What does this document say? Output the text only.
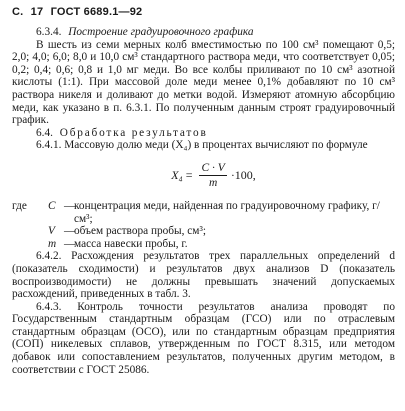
С. 17 ГОСТ 6689.1—92
6.3.4. Построение градуировочного графика

В шесть из семи мерных колб вместимостью по 100 см³ помещают 0,5; 2,0; 4,0; 6,0; 8,0 и 10,0 см³ стандартного раствора меди, что соответствует 0,05; 0,2; 0,4; 0,6; 0,8 и 1,0 мг меди. Во все колбы приливают по 10 см³ азотной кислоты (1:1). При массовой доле меди менее 0,1% добавляют по 10 см³ раствора никеля и доливают до метки водой. Измеряют атомную абсорбцию меди, как указано в п. 6.3.1. По полученным данным строят градуировочный график.

6.4. Обработка результатов

6.4.1. Массовую долю меди (X₄) в процентах вычисляют по формуле

$X_4 = \frac{C \cdot V}{m} \cdot 100$,
где	C —
концентрация меди, найденная по градуировочному графику, г/см³;
V —
объем раствора пробы, см³;
m —
масса навески пробы, г.

6.4.2. Расхождения результатов трех параллельных определений d (показатель сходимости) и результатов двух анализов D (показатель воспроизводимости) не должны превышать значений допускаемых расхождений, приведенных в табл. 3.

6.4.3. Контроль точности результатов анализа проводят по Государственным стандартным образцам (ГСО) или по отраслевым стандартным образцам (ОСО), или по стандартным образцам предприятия (СОП) никелевых сплавов, утвержденным по ГОСТ 8.315, или методом добавок или сопоставлением результатов, полученных другим методом, в соответствии с ГОСТ 25086.
